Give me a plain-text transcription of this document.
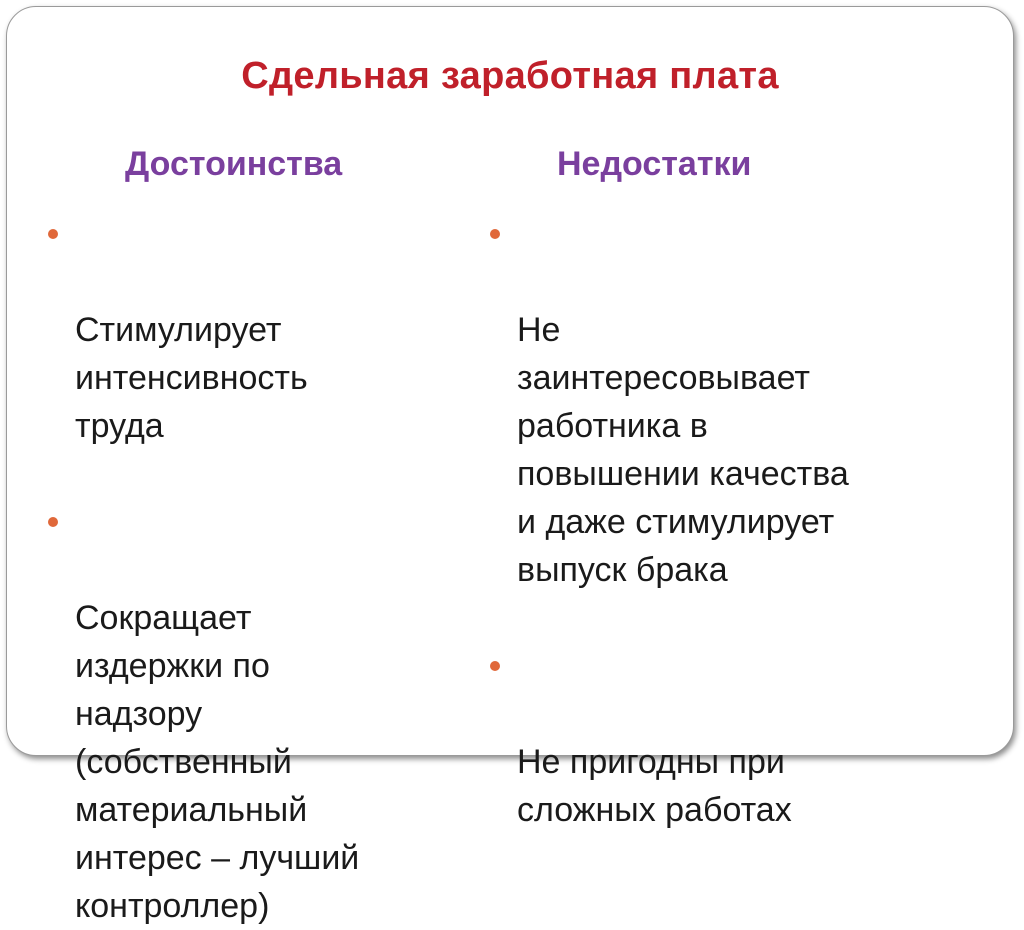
Сдельная заработная плата
Достоинства

Стимулирует
интенсивность
труда

Сокращает
издержки по
надзору
(собственный
материальный
интерес – лучший
контроллер)

Недостатки

Не
заинтересовывает
работника в
повышении качества
и даже стимулирует
выпуск брака

Не пригодны при
сложных работах
